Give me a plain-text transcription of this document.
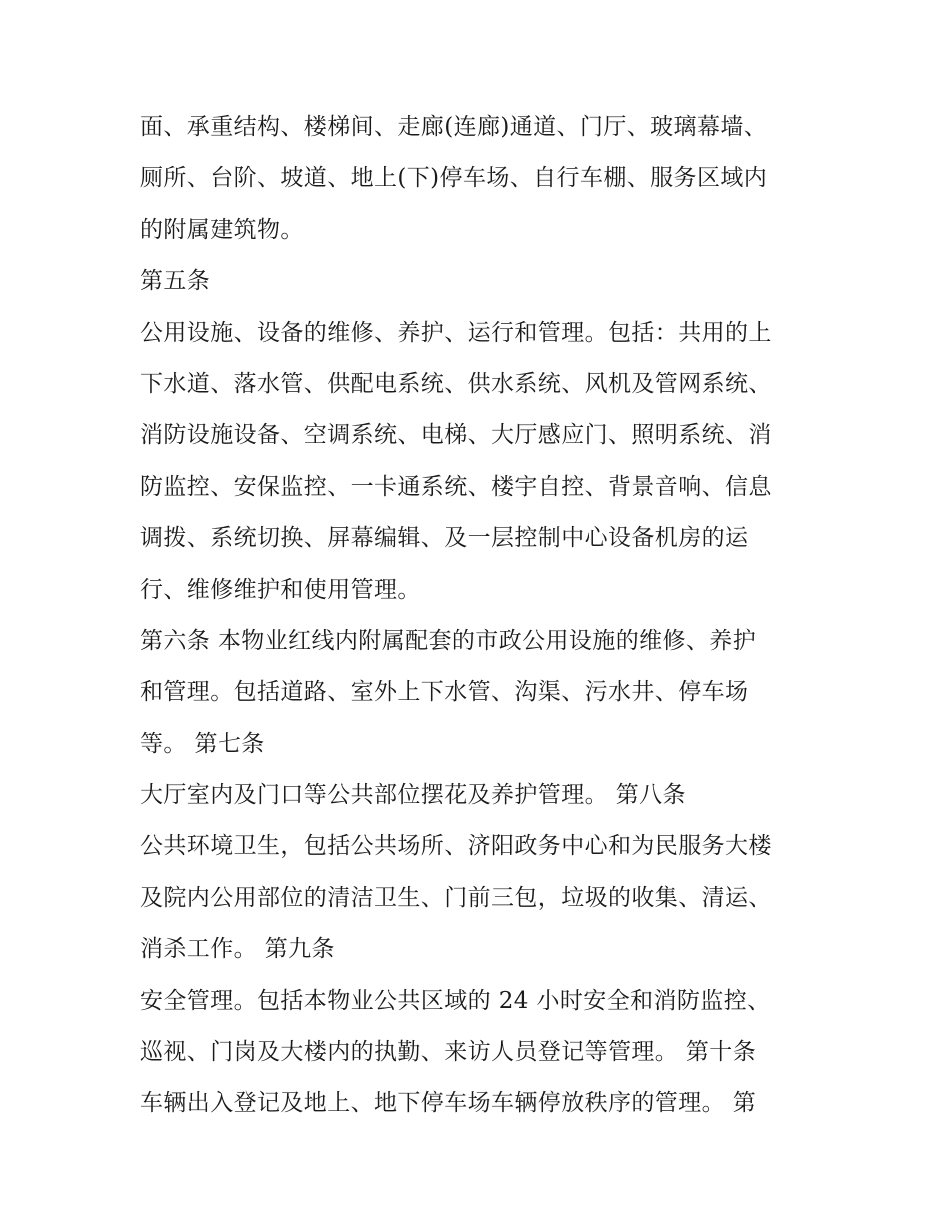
面、承重结构、楼梯间、走廊(连廊)通道、门厅、玻璃幕墙、
厕所、台阶、坡道、地上(下)停车场、自行车棚、服务区域内
的附属建筑物。
第五条
公用设施、设备的维修、养护、运行和管理。包括：共用的上
下水道、落水管、供配电系统、供水系统、风机及管网系统、
消防设施设备、空调系统、电梯、大厅感应门、照明系统、消
防监控、安保监控、一卡通系统、楼宇自控、背景音响、信息
调拨、系统切换、屏幕编辑、及一层控制中心设备机房的运
行、维修维护和使用管理。
第六条 本物业红线内附属配套的市政公用设施的维修、养护
和管理。包括道路、室外上下水管、沟渠、污水井、停车场
等。 第七条
大厅室内及门口等公共部位摆花及养护管理。 第八条
公共环境卫生，包括公共场所、济阳政务中心和为民服务大楼
及院内公用部位的清洁卫生、门前三包，垃圾的收集、清运、
消杀工作。 第九条
安全管理。包括本物业公共区域的 24 小时安全和消防监控、
巡视、门岗及大楼内的执勤、来访人员登记等管理。 第十条
车辆出入登记及地上、地下停车场车辆停放秩序的管理。 第
